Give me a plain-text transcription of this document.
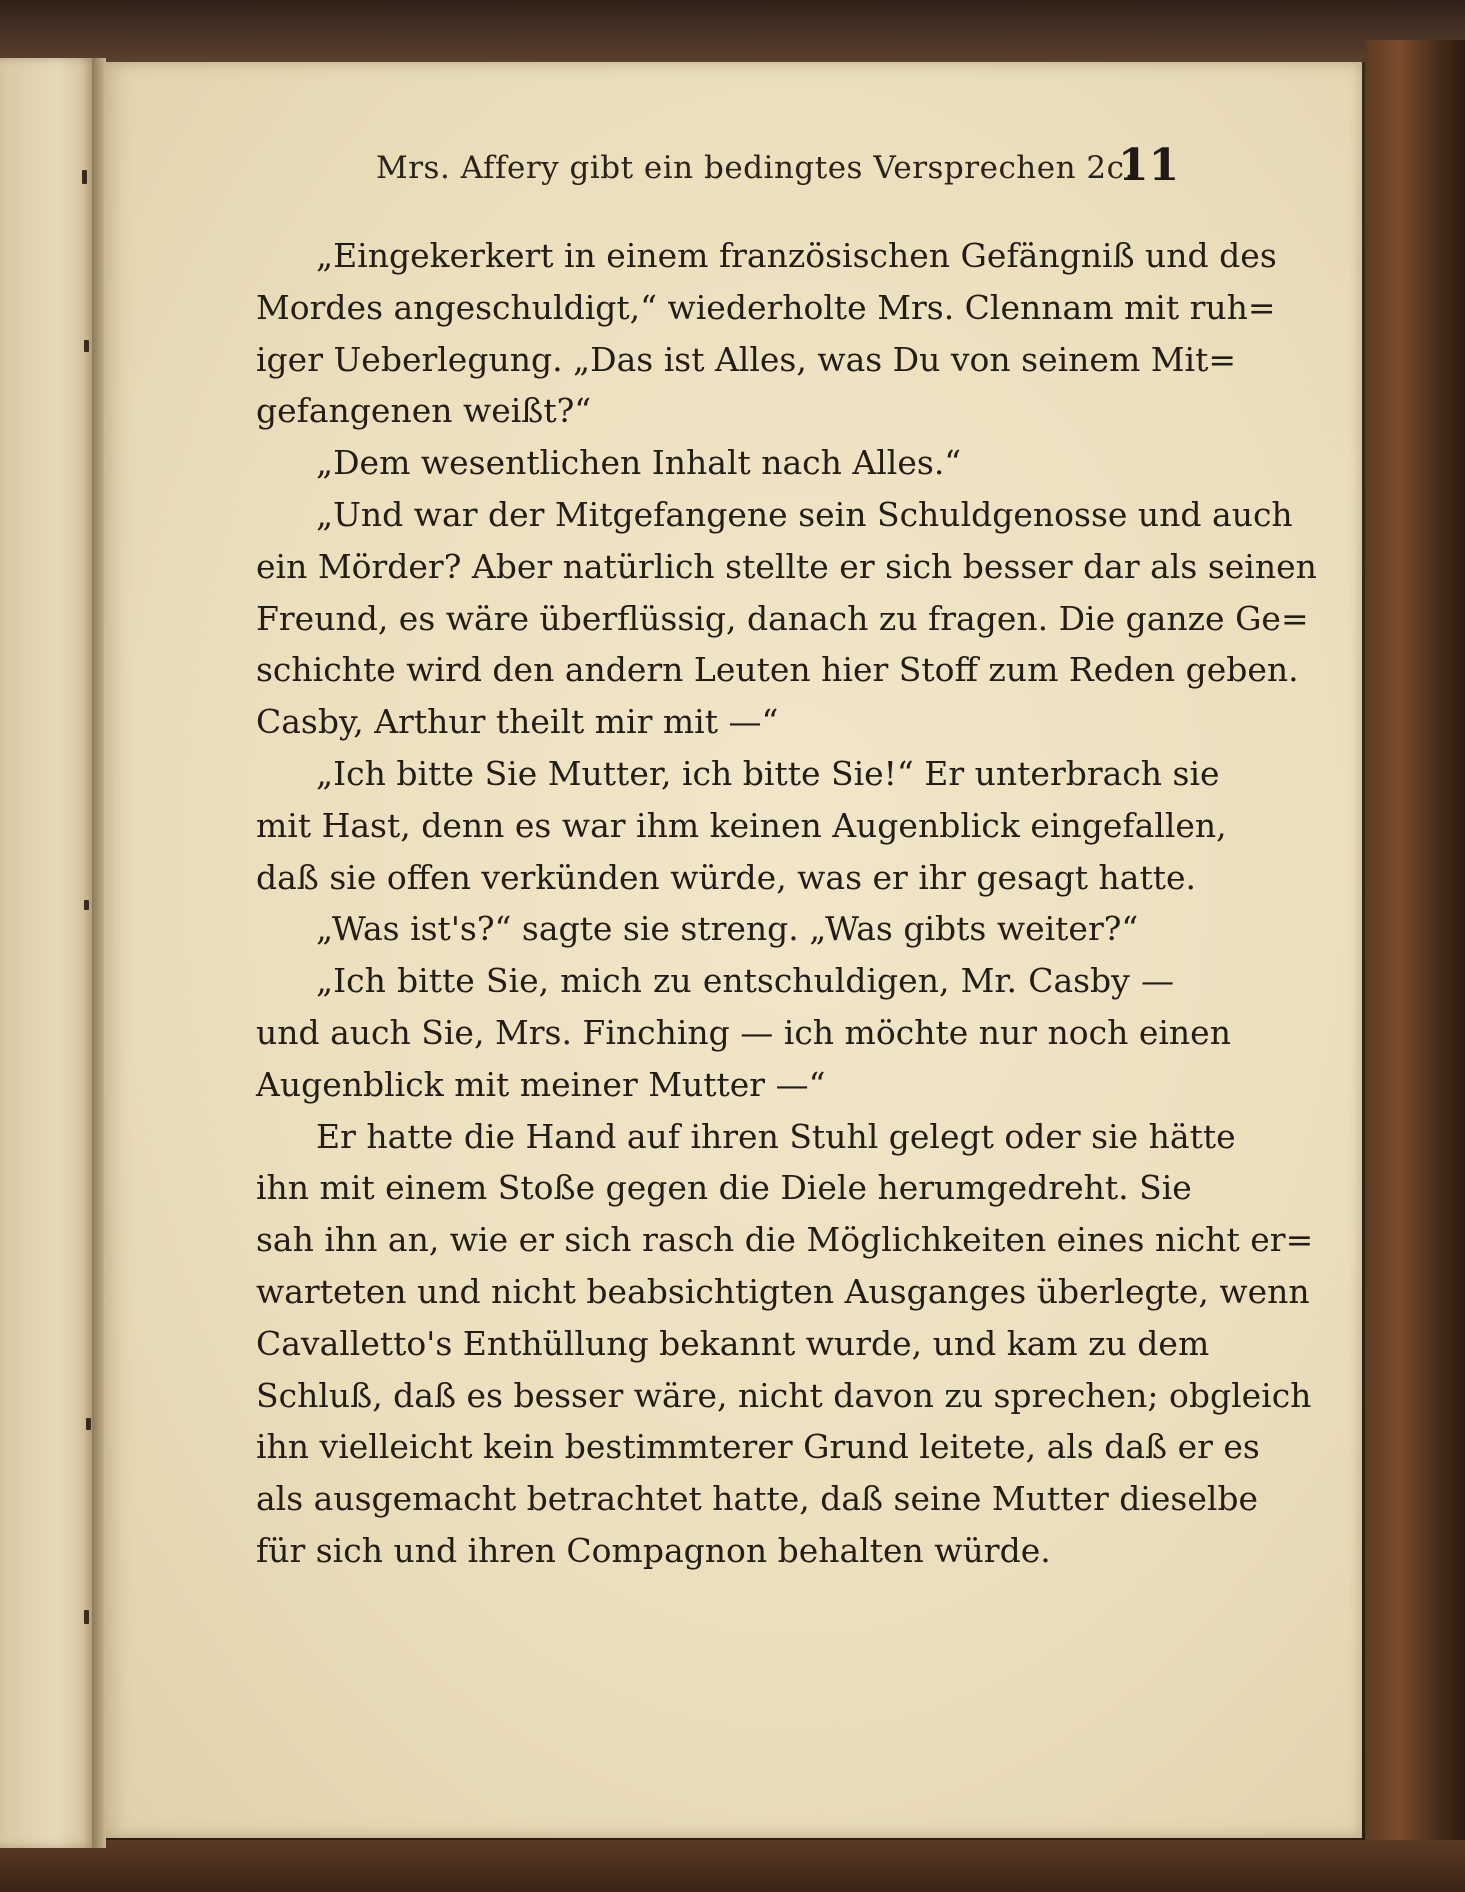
Mrs. Affery gibt ein bedingtes Versprechen 2c.
11
„Eingekerkert in einem französischen Gefängniß und des
Mordes angeschuldigt,“ wiederholte Mrs. Clennam mit ruh=
iger Ueberlegung. „Das ist Alles, was Du von seinem Mit=
gefangenen weißt?“
„Dem wesentlichen Inhalt nach Alles.“
„Und war der Mitgefangene sein Schuldgenosse und auch
ein Mörder? Aber natürlich stellte er sich besser dar als seinen
Freund, es wäre überflüssig, danach zu fragen. Die ganze Ge=
schichte wird den andern Leuten hier Stoff zum Reden geben.
Casby, Arthur theilt mir mit —“
„Ich bitte Sie Mutter, ich bitte Sie!“ Er unterbrach sie
mit Hast, denn es war ihm keinen Augenblick eingefallen,
daß sie offen verkünden würde, was er ihr gesagt hatte.
„Was ist's?“ sagte sie streng. „Was gibts weiter?“
„Ich bitte Sie, mich zu entschuldigen, Mr. Casby —
und auch Sie, Mrs. Finching — ich möchte nur noch einen
Augenblick mit meiner Mutter —“
Er hatte die Hand auf ihren Stuhl gelegt oder sie hätte
ihn mit einem Stoße gegen die Diele herumgedreht. Sie
sah ihn an, wie er sich rasch die Möglichkeiten eines nicht er=
warteten und nicht beabsichtigten Ausganges überlegte, wenn
Cavalletto's Enthüllung bekannt wurde, und kam zu dem
Schluß, daß es besser wäre, nicht davon zu sprechen; obgleich
ihn vielleicht kein bestimmterer Grund leitete, als daß er es
als ausgemacht betrachtet hatte, daß seine Mutter dieselbe
für sich und ihren Compagnon behalten würde.
